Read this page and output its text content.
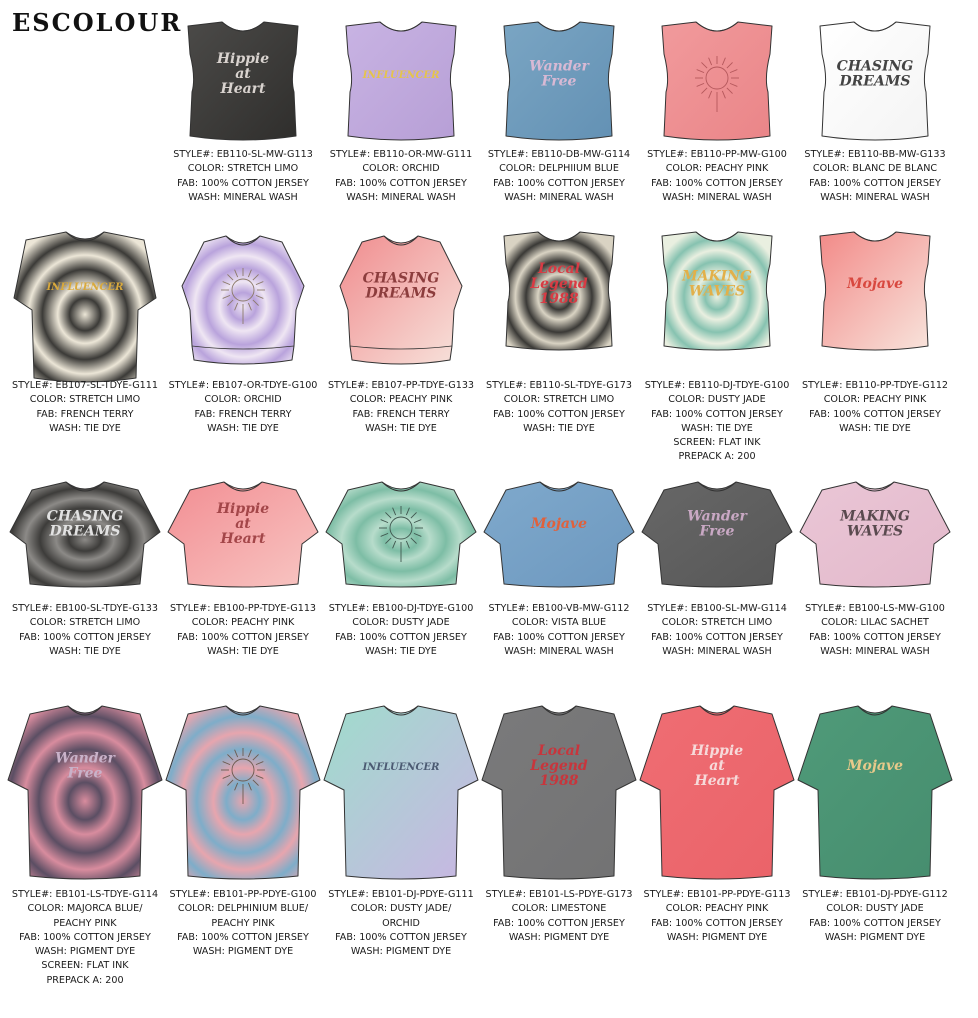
ESCOLOUR
Hippie
at
Heart
STYLE#: EB110-SL-MW-G113
COLOR: STRETCH LIMO
FAB: 100% COTTON JERSEY
WASH: MINERAL WASH
INFLUENCER
STYLE#: EB110-OR-MW-G111
COLOR: ORCHID
FAB: 100% COTTON JERSEY
WASH: MINERAL WASH
Wander
Free
STYLE#: EB110-DB-MW-G114
COLOR: DELPHIIUM BLUE
FAB: 100% COTTON JERSEY
WASH: MINERAL WASH
STYLE#: EB110-PP-MW-G100
COLOR: PEACHY PINK
FAB: 100% COTTON JERSEY
WASH: MINERAL WASH
CHASING
DREAMS
STYLE#: EB110-BB-MW-G133
COLOR: BLANC DE BLANC
FAB: 100% COTTON JERSEY
WASH: MINERAL WASH
INFLUENCER
STYLE#: EB107-SL-TDYE-G111
COLOR: STRETCH LIMO
FAB: FRENCH TERRY
WASH: TIE DYE
STYLE#: EB107-OR-TDYE-G100
COLOR: ORCHID
FAB: FRENCH TERRY
WASH: TIE DYE
CHASING
DREAMS
STYLE#: EB107-PP-TDYE-G133
COLOR: PEACHY PINK
FAB: FRENCH TERRY
WASH: TIE DYE
Local
Legend
1988
STYLE#: EB110-SL-TDYE-G173
COLOR: STRETCH LIMO
FAB: 100% COTTON JERSEY
WASH: TIE DYE
MAKING
WAVES
STYLE#: EB110-DJ-TDYE-G100
COLOR: DUSTY JADE
FAB: 100% COTTON JERSEY
WASH: TIE DYE
SCREEN: FLAT INK
PREPACK A: 200
Mojave
STYLE#: EB110-PP-TDYE-G112
COLOR: PEACHY PINK
FAB: 100% COTTON JERSEY
WASH: TIE DYE
CHASING
DREAMS
STYLE#: EB100-SL-TDYE-G133
COLOR: STRETCH LIMO
FAB: 100% COTTON JERSEY
WASH: TIE DYE
Hippie
at
Heart
STYLE#: EB100-PP-TDYE-G113
COLOR: PEACHY PINK
FAB: 100% COTTON JERSEY
WASH: TIE DYE
STYLE#: EB100-DJ-TDYE-G100
COLOR: DUSTY JADE
FAB: 100% COTTON JERSEY
WASH: TIE DYE
Mojave
STYLE#: EB100-VB-MW-G112
COLOR: VISTA BLUE
FAB: 100% COTTON JERSEY
WASH: MINERAL WASH
Wander
Free
STYLE#: EB100-SL-MW-G114
COLOR: STRETCH LIMO
FAB: 100% COTTON JERSEY
WASH: MINERAL WASH
MAKING
WAVES
STYLE#: EB100-LS-MW-G100
COLOR: LILAC SACHET
FAB: 100% COTTON JERSEY
WASH: MINERAL WASH
Wander
Free
STYLE#: EB101-LS-TDYE-G114
COLOR: MAJORCA BLUE/
PEACHY PINK
FAB: 100% COTTON JERSEY
WASH: PIGMENT DYE
SCREEN: FLAT INK
PREPACK A: 200
STYLE#: EB101-PP-PDYE-G100
COLOR: DELPHINIUM BLUE/
PEACHY PINK
FAB: 100% COTTON JERSEY
WASH: PIGMENT DYE
INFLUENCER
STYLE#: EB101-DJ-PDYE-G111
COLOR: DUSTY JADE/
ORCHID
FAB: 100% COTTON JERSEY
WASH: PIGMENT DYE
Local
Legend
1988
STYLE#: EB101-LS-PDYE-G173
COLOR: LIMESTONE
FAB: 100% COTTON JERSEY
WASH: PIGMENT DYE
Hippie
at
Heart
STYLE#: EB101-PP-PDYE-G113
COLOR: PEACHY PINK
FAB: 100% COTTON JERSEY
WASH: PIGMENT DYE
Mojave
STYLE#: EB101-DJ-PDYE-G112
COLOR: DUSTY JADE
FAB: 100% COTTON JERSEY
WASH: PIGMENT DYE
